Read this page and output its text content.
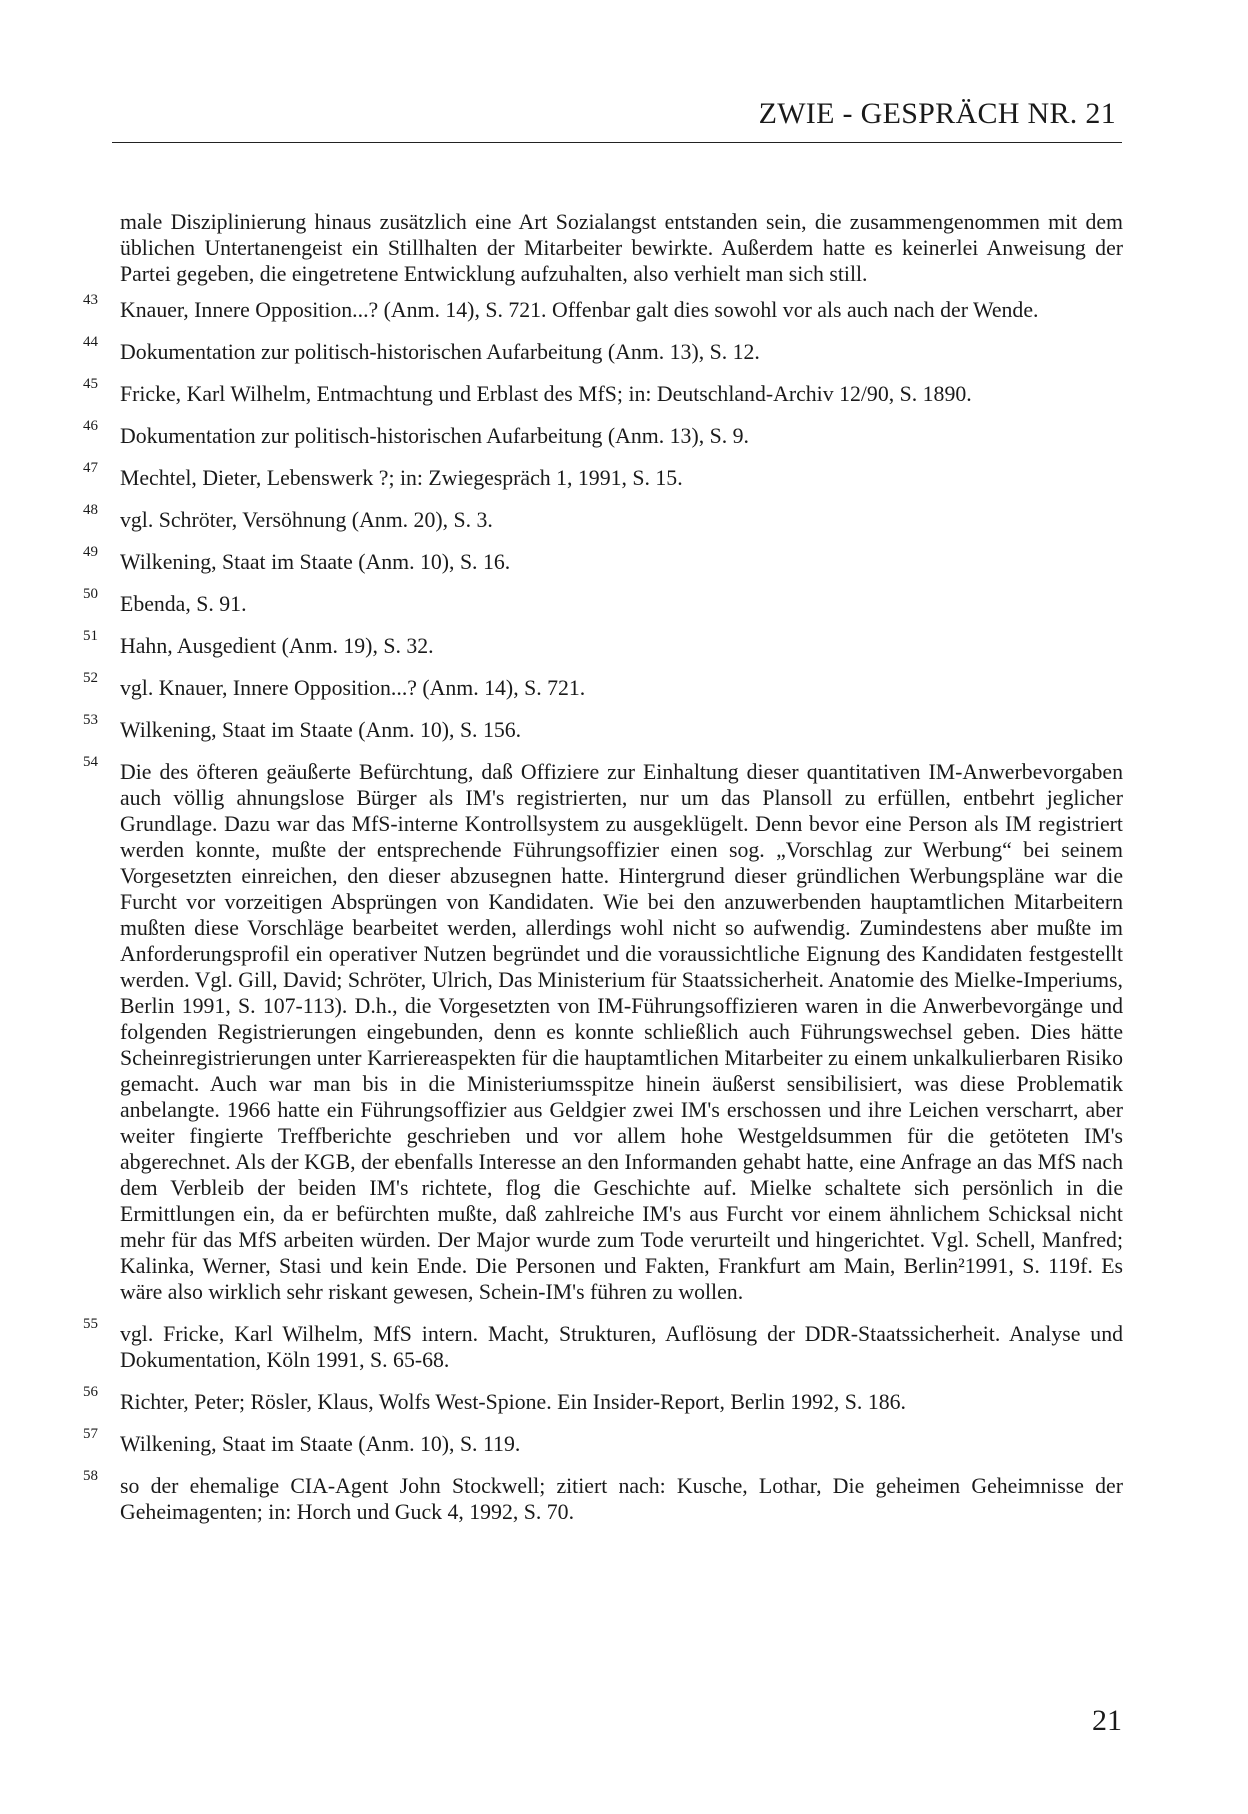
ZWIE - GESPRÄCH NR. 21

male Disziplinierung hinaus zusätzlich eine Art Sozialangst entstanden sein, die zusammengenommen mit dem üblichen Untertanengeist ein Stillhalten der Mitarbeiter bewirkte. Außerdem hatte es keinerlei Anweisung der Partei gegeben, die eingetretene Entwicklung aufzuhalten, also verhielt man sich still.

43 Knauer, Innere Opposition...? (Anm. 14), S. 721. Offenbar galt dies sowohl vor als auch nach der Wende.
44 Dokumentation zur politisch-historischen Aufarbeitung (Anm. 13), S. 12.
45 Fricke, Karl Wilhelm, Entmachtung und Erblast des MfS; in: Deutschland-Archiv 12/90, S. 1890.
46 Dokumentation zur politisch-historischen Aufarbeitung (Anm. 13), S. 9.
47 Mechtel, Dieter, Lebenswerk ?; in: Zwiegespräch 1, 1991, S. 15.
48 vgl. Schröter, Versöhnung (Anm. 20), S. 3.
49 Wilkening, Staat im Staate (Anm. 10), S. 16.
50 Ebenda, S. 91.
51 Hahn, Ausgedient (Anm. 19), S. 32.
52 vgl. Knauer, Innere Opposition...? (Anm. 14), S. 721.
53 Wilkening, Staat im Staate (Anm. 10), S. 156.
54 Die des öfteren geäußerte Befürchtung, daß Offiziere zur Einhaltung dieser quantitativen IM-Anwerbevorgaben auch völlig ahnungslose Bürger als IM's registrierten, nur um das Plansoll zu erfüllen, entbehrt jeglicher Grundlage. Dazu war das MfS-interne Kontrollsystem zu ausgeklügelt. Denn bevor eine Person als IM registriert werden konnte, mußte der entsprechende Führungsoffizier einen sog. „Vorschlag zur Werbung“ bei seinem Vorgesetzten einreichen, den dieser abzusegnen hatte. Hintergrund dieser gründlichen Werbungspläne war die Furcht vor vorzeitigen Absprüngen von Kandidaten. Wie bei den anzuwerbenden hauptamtlichen Mitarbeitern mußten diese Vorschläge bearbeitet werden, allerdings wohl nicht so aufwendig. Zumindestens aber mußte im Anforderungsprofil ein operativer Nutzen begründet und die voraussichtliche Eignung des Kandidaten festgestellt werden. Vgl. Gill, David; Schröter, Ulrich, Das Ministerium für Staatssicherheit. Anatomie des Mielke-Imperiums, Berlin 1991, S. 107-113). D.h., die Vorgesetzten von IM-Führungsoffizieren waren in die Anwerbevorgänge und folgenden Registrierungen eingebunden, denn es konnte schließlich auch Führungswechsel geben. Dies hätte Scheinregistrierungen unter Karriereaspekten für die hauptamtlichen Mitarbeiter zu einem unkalkulierbaren Risiko gemacht. Auch war man bis in die Ministeriumsspitze hinein äußerst sensibilisiert, was diese Problematik anbelangte. 1966 hatte ein Führungsoffizier aus Geldgier zwei IM's erschossen und ihre Leichen verscharrt, aber weiter fingierte Treffberichte geschrieben und vor allem hohe Westgeldsummen für die getöteten IM's abgerechnet. Als der KGB, der ebenfalls Interesse an den Informanden gehabt hatte, eine Anfrage an das MfS nach dem Verbleib der beiden IM's richtete, flog die Geschichte auf. Mielke schaltete sich persönlich in die Ermittlungen ein, da er befürchten mußte, daß zahlreiche IM's aus Furcht vor einem ähnlichem Schicksal nicht mehr für das MfS arbeiten würden. Der Major wurde zum Tode verurteilt und hingerichtet. Vgl. Schell, Manfred; Kalinka, Werner, Stasi und kein Ende. Die Personen und Fakten, Frankfurt am Main, Berlin²1991, S. 119f. Es wäre also wirklich sehr riskant gewesen, Schein-IM's führen zu wollen.
55 vgl. Fricke, Karl Wilhelm, MfS intern. Macht, Strukturen, Auflösung der DDR-Staatssicherheit. Analyse und Dokumentation, Köln 1991, S. 65-68.
56 Richter, Peter; Rösler, Klaus, Wolfs West-Spione. Ein Insider-Report, Berlin 1992, S. 186.
57 Wilkening, Staat im Staate (Anm. 10), S. 119.
58 so der ehemalige CIA-Agent John Stockwell; zitiert nach: Kusche, Lothar, Die geheimen Geheimnisse der Geheimagenten; in: Horch und Guck 4, 1992, S. 70.
21
